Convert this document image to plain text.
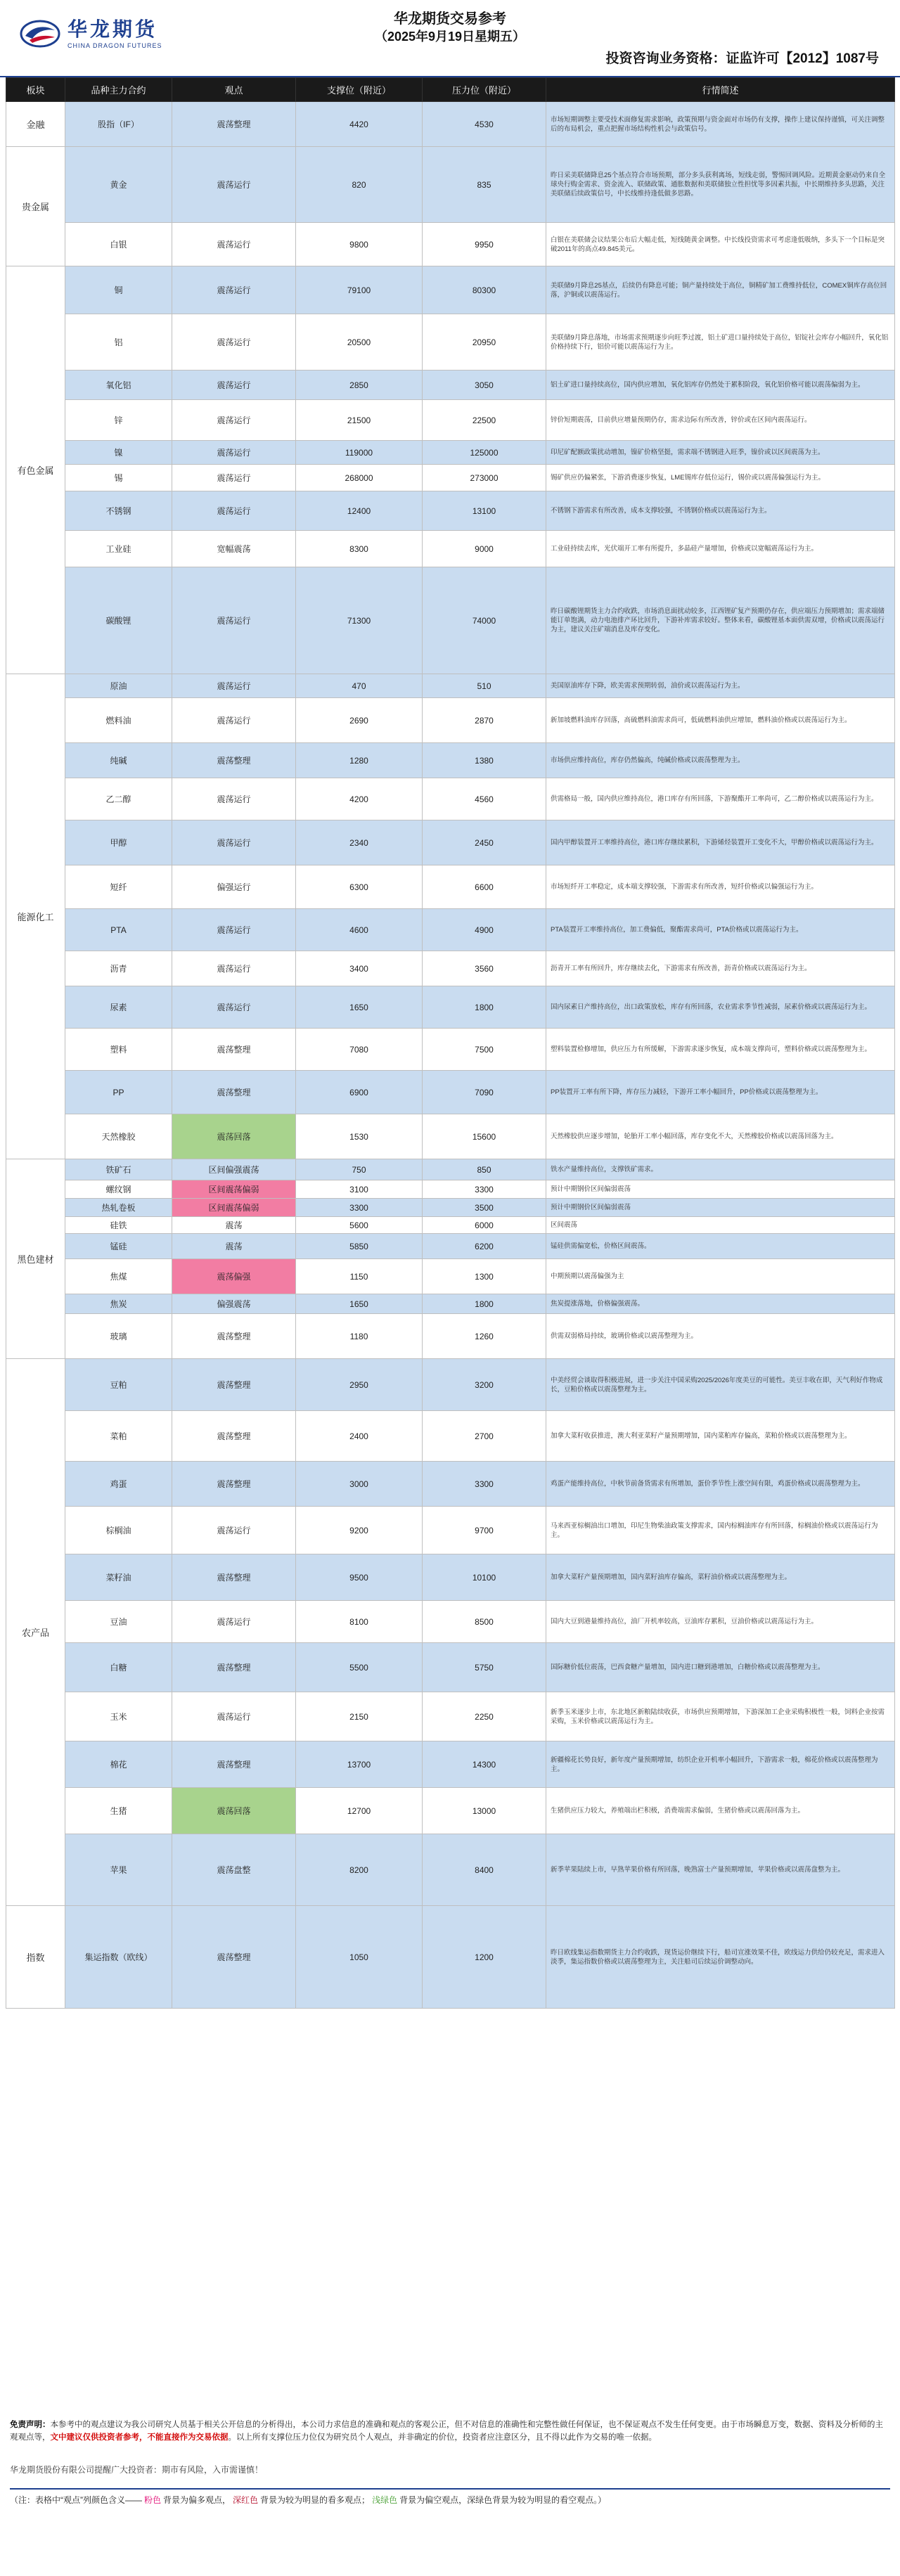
华龙期货
CHINA DRAGON FUTURES
华龙期货交易参考
（2025年9月19日星期五）
投资咨询业务资格：证监许可【2012】1087号
板块	品种主力合约	观点	支撑位（附近）	压力位（附近）	行情简述
金融	股指（IF）	震荡整理	4420	4530	市场短期调整主要受技术面修复需求影响，政策预期与资金面对市场仍有支撑，操作上建议保持谨慎，可关注调整后的布局机会，重点把握市场结构性机会与政策信号。
贵金属	黄金	震荡运行	820	835	昨日采美联储降息25个基点符合市场预期，部分多头获利离场，短线走弱，警惕回调风险。近期黄金驱动仍来自全球央行购金需求、资金流入、联储政策、通胀数据和美联储独立性担忧等多因素共振，中长期维持多头思路，关注美联储后续政策信号，中长线维持逢低做多思路。
	白银	震荡运行	9800	9950	白银在美联储会议结果公布后大幅走低，短线随黄金调整。中长线投资需求可考虑逢低吸纳，多头下一个目标是突破2011年的高点49.845美元。
有色金属	铜	震荡运行	79100	80300	美联储9月降息25基点，后续仍有降息可能；铜产量持续处于高位，铜精矿加工费维持低位，COMEX铜库存高位回落，沪铜或以震荡运行。
	铝	震荡运行	20500	20950	美联储9月降息落地，市场需求预期逐步向旺季过渡，铝土矿进口量持续处于高位，铝锭社会库存小幅回升，氧化铝价格持续下行，铝价可能以震荡运行为主。
	氧化铝	震荡运行	2850	3050	铝土矿进口量持续高位，国内供应增加，氧化铝库存仍然处于累积阶段，氧化铝价格可能以震荡偏弱为主。
	锌	震荡运行	21500	22500	锌价短期震荡，目前供应增量预期仍存，需求边际有所改善，锌价或在区间内震荡运行。
	镍	震荡运行	119000	125000	印尼矿配额政策扰动增加，镍矿价格坚挺，需求端不锈钢进入旺季，镍价或以区间震荡为主。
	锡	震荡运行	268000	273000	锡矿供应仍偏紧张，下游消费逐步恢复，LME锡库存低位运行，锡价或以震荡偏强运行为主。
	不锈钢	震荡运行	12400	13100	不锈钢下游需求有所改善，成本支撑较强，不锈钢价格或以震荡运行为主。
	工业硅	宽幅震荡	8300	9000	工业硅持续去库，光伏端开工率有所提升，多晶硅产量增加，价格或以宽幅震荡运行为主。
	碳酸锂	震荡运行	71300	74000	昨日碳酸锂期货主力合约收跌，市场消息面扰动较多，江西锂矿复产预期仍存在，供应端压力预期增加；需求端储能订单饱满，动力电池排产环比回升，下游补库需求较好。整体来看，碳酸锂基本面供需双增，价格或以震荡运行为主，建议关注矿端消息及库存变化。
能源化工	原油	震荡运行	470	510	美国原油库存下降，欧美需求预期转弱，油价或以震荡运行为主。
	燃料油	震荡运行	2690	2870	新加坡燃料油库存回落，高硫燃料油需求尚可，低硫燃料油供应增加，燃料油价格或以震荡运行为主。
	纯碱	震荡整理	1280	1380	市场供应维持高位，库存仍然偏高，纯碱价格或以震荡整理为主。
	乙二醇	震荡运行	4200	4560	供需格局一般，国内供应维持高位，港口库存有所回落，下游聚酯开工率尚可，乙二醇价格或以震荡运行为主。
	甲醇	震荡运行	2340	2450	国内甲醇装置开工率维持高位，港口库存继续累积，下游烯烃装置开工变化不大，甲醇价格或以震荡运行为主。
	短纤	偏强运行	6300	6600	市场短纤开工率稳定，成本端支撑较强，下游需求有所改善，短纤价格或以偏强运行为主。
	PTA	震荡运行	4600	4900	PTA装置开工率维持高位，加工费偏低，聚酯需求尚可，PTA价格或以震荡运行为主。
	沥青	震荡运行	3400	3560	沥青开工率有所回升，库存继续去化，下游需求有所改善，沥青价格或以震荡运行为主。
	尿素	震荡运行	1650	1800	国内尿素日产维持高位，出口政策放松，库存有所回落，农业需求季节性减弱，尿素价格或以震荡运行为主。
	塑料	震荡整理	7080	7500	塑料装置检修增加，供应压力有所缓解，下游需求逐步恢复，成本端支撑尚可，塑料价格或以震荡整理为主。
	PP	震荡整理	6900	7090	PP装置开工率有所下降，库存压力减轻，下游开工率小幅回升，PP价格或以震荡整理为主。
	天然橡胶	震荡回落	1530	15600	天然橡胶供应逐步增加，轮胎开工率小幅回落，库存变化不大，天然橡胶价格或以震荡回落为主。
黑色建材	铁矿石	区间偏强震荡	750	850	铁水产量维持高位，支撑铁矿需求。
	螺纹钢	区间震荡偏弱	3100	3300	预计中期钢价区间偏弱震荡
	热轧卷板	区间震荡偏弱	3300	3500	预计中期钢价区间偏弱震荡
	硅铁	震荡	5600	6000	区间震荡
	锰硅	震荡	5850	6200	锰硅供需偏宽松，价格区间震荡。
	焦煤	震荡偏强	1150	1300	中期预期以震荡偏强为主
	焦炭	偏强震荡	1650	1800	焦炭提涨落地，价格偏强震荡。
	玻璃	震荡整理	1180	1260	供需双弱格局持续，玻璃价格或以震荡整理为主。
农产品	豆粕	震荡整理	2950	3200	中美经贸会谈取得积极进展，进一步关注中国采购2025/2026年度美豆的可能性。美豆丰收在即，天气利好作物成长，豆粕价格或以震荡整理为主。
	菜粕	震荡整理	2400	2700	加拿大菜籽收获推进，澳大利亚菜籽产量预期增加，国内菜粕库存偏高，菜粕价格或以震荡整理为主。
	鸡蛋	震荡整理	3000	3300	鸡蛋产能维持高位，中秋节前备货需求有所增加，蛋价季节性上涨空间有限，鸡蛋价格或以震荡整理为主。
	棕榈油	震荡运行	9200	9700	马来西亚棕榈油出口增加，印尼生物柴油政策支撑需求，国内棕榈油库存有所回落，棕榈油价格或以震荡运行为主。
	菜籽油	震荡整理	9500	10100	加拿大菜籽产量预期增加，国内菜籽油库存偏高，菜籽油价格或以震荡整理为主。
	豆油	震荡运行	8100	8500	国内大豆到港量维持高位，油厂开机率较高，豆油库存累积，豆油价格或以震荡运行为主。
	白糖	震荡整理	5500	5750	国际糖价低位震荡，巴西食糖产量增加，国内进口糖到港增加，白糖价格或以震荡整理为主。
	玉米	震荡运行	2150	2250	新季玉米逐步上市，东北地区新粮陆续收获，市场供应预期增加，下游深加工企业采购积极性一般，饲料企业按需采购，玉米价格或以震荡运行为主。
	棉花	震荡整理	13700	14300	新疆棉花长势良好，新年度产量预期增加，纺织企业开机率小幅回升，下游需求一般，棉花价格或以震荡整理为主。
	生猪	震荡回落	12700	13000	生猪供应压力较大，养殖端出栏积极，消费端需求偏弱，生猪价格或以震荡回落为主。
	苹果	震荡盘整	8200	8400	新季苹果陆续上市，早熟苹果价格有所回落，晚熟富士产量预期增加，苹果价格或以震荡盘整为主。
指数	集运指数（欧线）	震荡整理	1050	1200	昨日欧线集运指数期货主力合约收跌，现货运价继续下行，船司宣涨效果不佳，欧线运力供给仍较充足，需求进入淡季，集运指数价格或以震荡整理为主，关注船司后续运价调整动向。
免责声明：本参考中的观点建议为我公司研究人员基于相关公开信息的分析得出，本公司力求信息的准确和观点的客观公正，但不对信息的准确性和完整性做任何保证，也不保证观点不发生任何变更。由于市场瞬息万变，数据、资料及分析师的主观观点等，文中建议仅供投资者参考，不能直接作为交易依据。以上所有支撑位压力位仅为研究员个人观点，并非确定的价位，投资者应注意区分，且不得以此作为交易的唯一依据。
华龙期货股份有限公司提醒广大投资者：期市有风险，入市需谨慎！
（注：表格中“观点”列颜色含义—— 粉色 背景为偏多观点， 深红色 背景为较为明显的看多观点； 浅绿色 背景为偏空观点，深绿色背景为较为明显的看空观点。）
